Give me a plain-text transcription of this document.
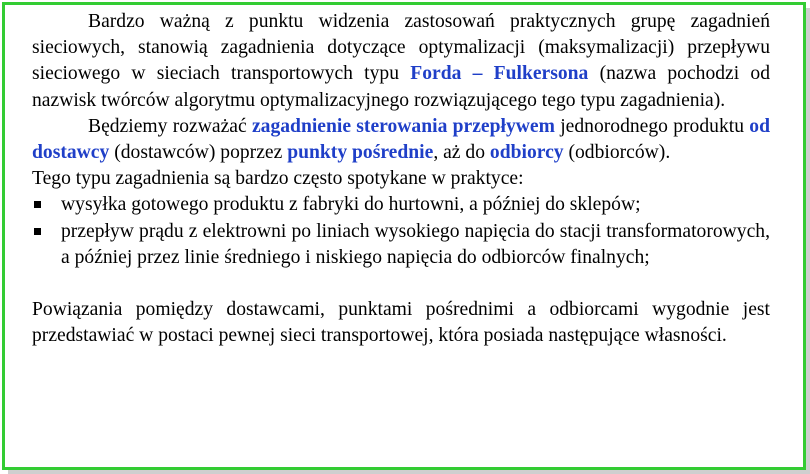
Bardzo ważną z punktu widzenia zastosowań praktycznych grupę zagadnień sieciowych, stanowią zagadnienia dotyczące optymalizacji (maksymalizacji) przepływu sieciowego w sieciach transportowych typu Forda – Fulkersona (nazwa pochodzi od nazwisk twórców algorytmu optymalizacyjnego rozwiązującego tego typu zagadnienia).

Będziemy rozważać zagadnienie sterowania przepływem jednorodnego produktu od dostawcy (dostawców) poprzez punkty pośrednie, aż do odbiorcy (odbiorców).

Tego typu zagadnienia są bardzo często spotykane w praktyce:

wysyłka gotowego produktu z fabryki do hurtowni, a później do sklepów;
przepływ prądu z elektrowni po liniach wysokiego napięcia do stacji transformatorowych, a później przez linie średniego i niskiego napięcia do odbiorców finalnych;

Powiązania pomiędzy dostawcami, punktami pośrednimi a odbiorcami wygodnie jest przedstawiać w postaci pewnej sieci transportowej, która posiada następujące własności.
